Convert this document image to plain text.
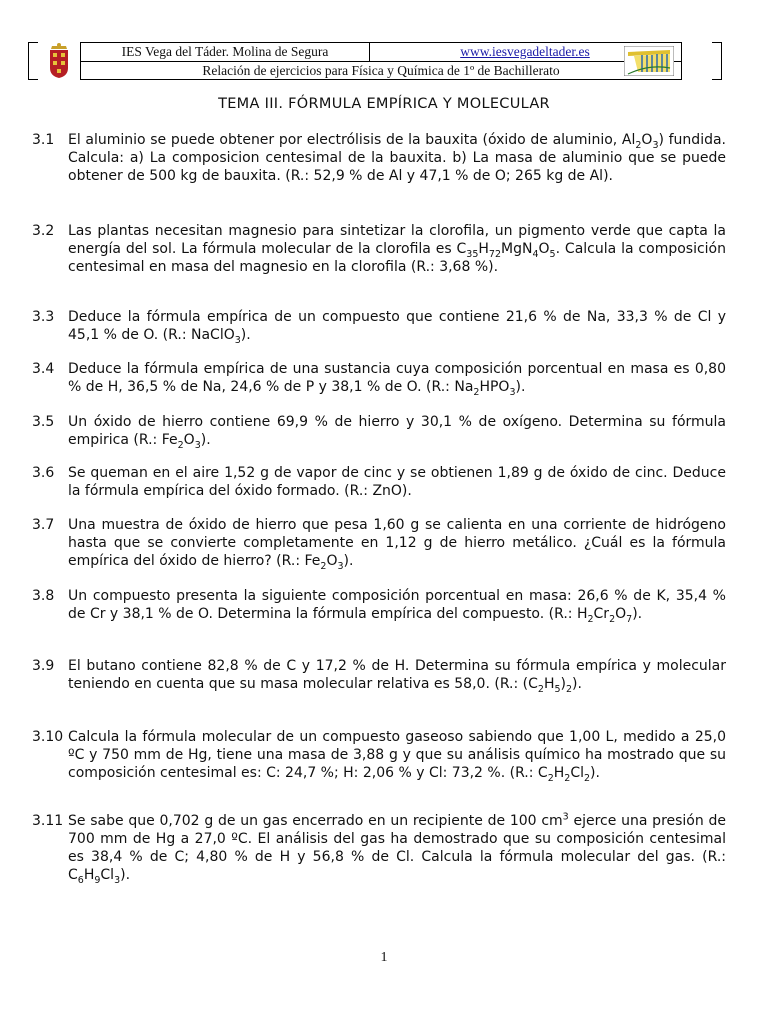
IES Vega del Táder. Molina de Segura	www.iesvegadeltader.es
Relación de ejercicios para Física y Química de 1º de Bachillerato
TEMA III. FÓRMULA EMPÍRICA Y MOLECULAR
3.1 El aluminio se puede obtener por electrólisis de la bauxita (óxido de aluminio, $Al_2O_3$) fundida. Calcula: a) La composicion centesimal de la bauxita. b) La masa de aluminio que se puede obtener de 500 kg de bauxita. (R.: 52,9 % de Al y 47,1 % de O; 265 kg de Al).
3.2 Las plantas necesitan magnesio para sintetizar la clorofila, un pigmento verde que capta la energía del sol. La fórmula molecular de la clorofila es $C_{35}H_{72}MgN_4O_5$. Calcula la composición centesimal en masa del magnesio en la clorofila (R.: 3,68 %).
3.3 Deduce la fórmula empírica de un compuesto que contiene 21,6 % de Na, 33,3 % de Cl y 45,1 % de O. (R.: NaClO$_3$).
3.4 Deduce la fórmula empírica de una sustancia cuya composición porcentual en masa es 0,80 % de H, 36,5 % de Na, 24,6 % de P y 38,1 % de O. (R.: $Na_2HPO_3$).
3.5 Un óxido de hierro contiene 69,9 % de hierro y 30,1 % de oxígeno. Determina su fórmula empirica (R.: $Fe_2O_3$).
3.6 Se queman en el aire 1,52 g de vapor de cinc y se obtienen 1,89 g de óxido de cinc. Deduce la fórmula empírica del óxido formado. (R.: ZnO).
3.7 Una muestra de óxido de hierro que pesa 1,60 g se calienta en una corriente de hidrógeno hasta que se convierte completamente en 1,12 g de hierro metálico. ¿Cuál es la fórmula empírica del óxido de hierro? (R.: $Fe_2O_3$).
3.8 Un compuesto presenta la siguiente composición porcentual en masa: 26,6 % de K, 35,4 % de Cr y 38,1 % de O. Determina la fórmula empírica del compuesto. (R.: $H_2Cr_2O_7$).
3.9 El butano contiene 82,8 % de C y 17,2 % de H. Determina su fórmula empírica y molecular teniendo en cuenta que su masa molecular relativa es 58,0. (R.: $(C_2H_5)_2$).
3.10 Calcula la fórmula molecular de un compuesto gaseoso sabiendo que 1,00 L, medido a 25,0 ºC y 750 mm de Hg, tiene una masa de 3,88 g y que su análisis químico ha mostrado que su composición centesimal es: C: 24,7 %; H: 2,06 % y Cl: 73,2 %. (R.: $C_2H_2Cl_2$).
3.11 Se sabe que 0,702 g de un gas encerrado en un recipiente de 100 $cm^3$ ejerce una presión de 700 mm de Hg a 27,0 ºC. El análisis del gas ha demostrado que su composición centesimal es 38,4 % de C; 4,80 % de H y 56,8 % de Cl. Calcula la fórmula molecular del gas. (R.: $C_6H_9Cl_3$).
1
